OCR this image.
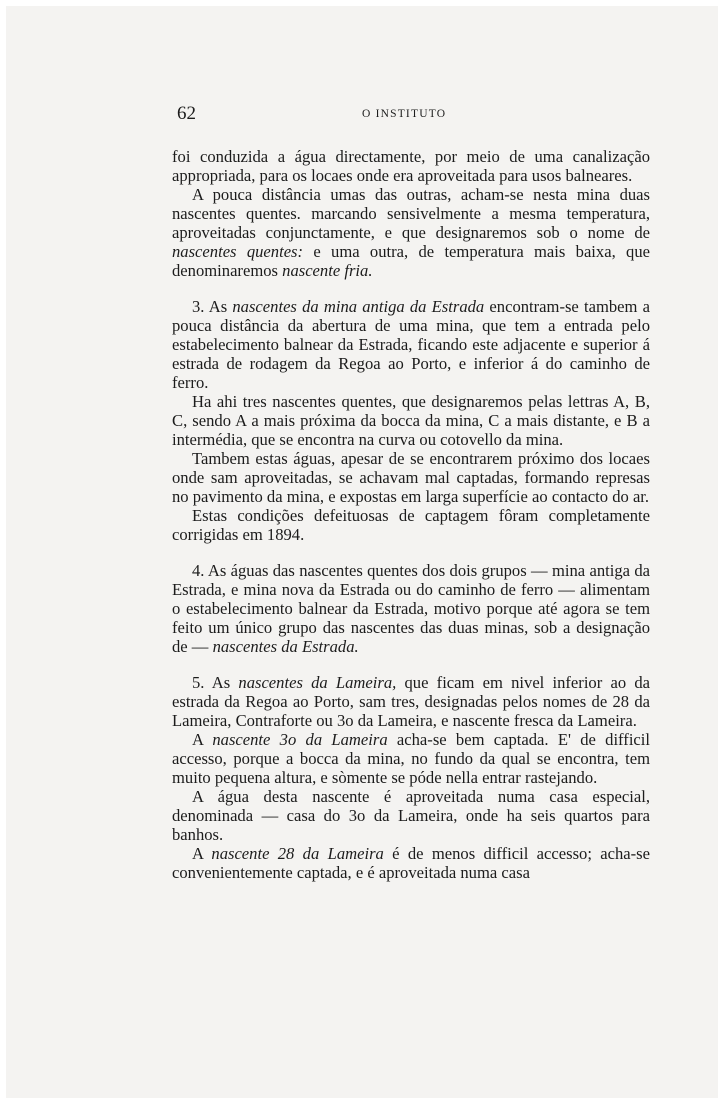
62	O INSTITUTO

foi conduzida a água directamente, por meio de uma canalização appropriada, para os locaes onde era aproveitada para usos balneares.

A pouca distância umas das outras, acham-se nesta mina duas nascentes quentes. marcando sensivelmente a mesma temperatura, aproveitadas conjunctamente, e que designaremos sob o nome de nascentes quentes: e uma outra, de temperatura mais baixa, que denominaremos nascente fria.

3. As nascentes da mina antiga da Estrada encontram-se tambem a pouca distância da abertura de uma mina, que tem a entrada pelo estabelecimento balnear da Estrada, ficando este adjacente e superior á estrada de rodagem da Regoa ao Porto, e inferior á do caminho de ferro.

Ha ahi tres nascentes quentes, que designaremos pelas lettras A, B, C, sendo A a mais próxima da bocca da mina, C a mais distante, e B a intermédia, que se encontra na curva ou cotovello da mina.

Tambem estas águas, apesar de se encontrarem próximo dos locaes onde sam aproveitadas, se achavam mal captadas, formando represas no pavimento da mina, e expostas em larga superfície ao contacto do ar.

Estas condições defeituosas de captagem fôram completamente corrigidas em 1894.

4. As águas das nascentes quentes dos dois grupos — mina antiga da Estrada, e mina nova da Estrada ou do caminho de ferro — alimentam o estabelecimento balnear da Estrada, motivo porque até agora se tem feito um único grupo das nascentes das duas minas, sob a designação de — nascentes da Estrada.

5. As nascentes da Lameira, que ficam em nivel inferior ao da estrada da Regoa ao Porto, sam tres, designadas pelos nomes de 28 da Lameira, Contraforte ou 3o da Lameira, e nascente fresca da Lameira.

A nascente 3o da Lameira acha-se bem captada. E' de difficil accesso, porque a bocca da mina, no fundo da qual se encontra, tem muito pequena altura, e sòmente se póde nella entrar rastejando.

A água desta nascente é aproveitada numa casa especial, denominada — casa do 3o da Lameira, onde ha seis quartos para banhos.

A nascente 28 da Lameira é de menos difficil accesso; acha-se convenientemente captada, e é aproveitada numa casa
